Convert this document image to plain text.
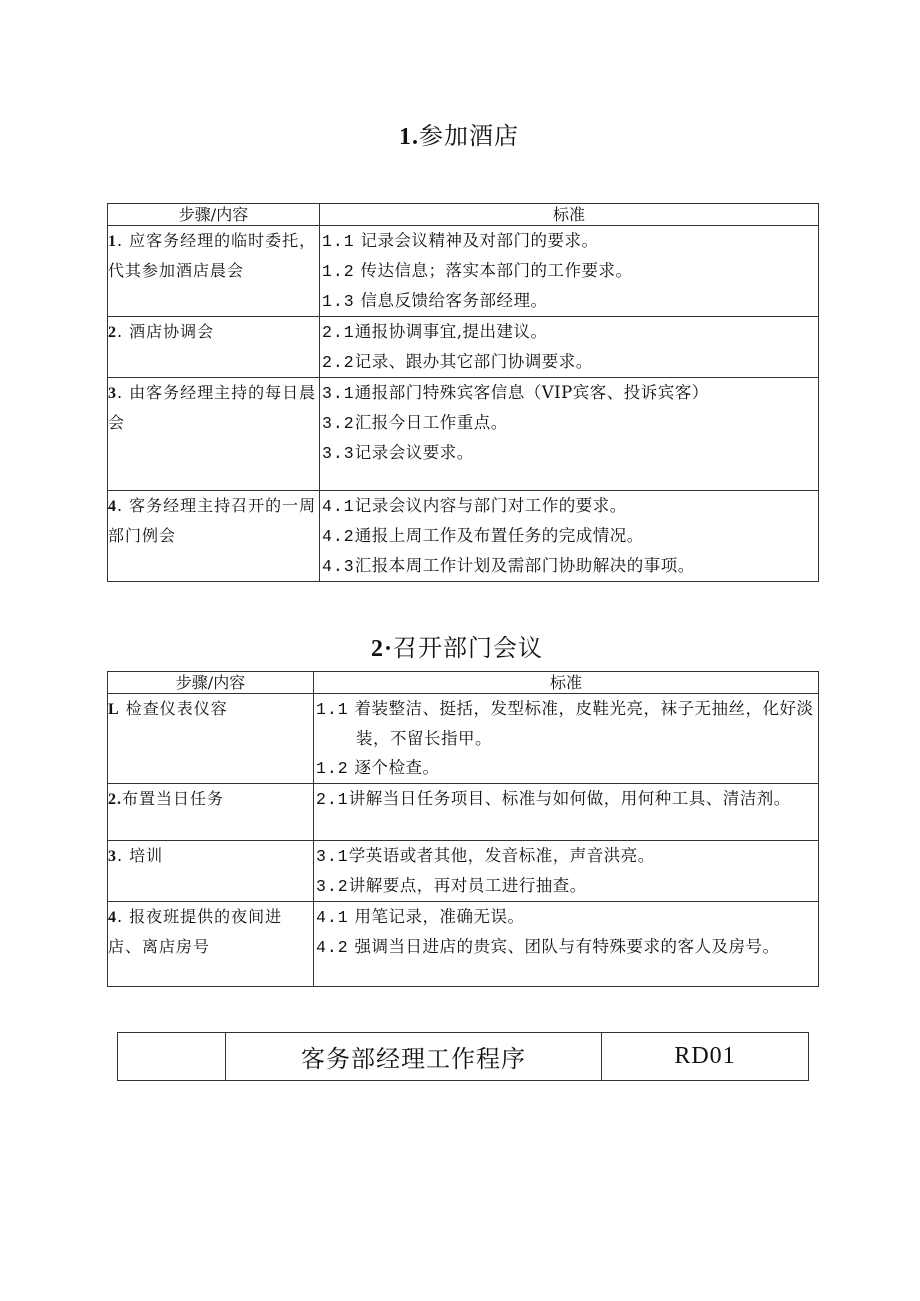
1.参加酒店
步骤/内容	标准
1. 应客务经理的临时委托，代其参加酒店晨会	1.1 记录会议精神及对部门的要求。
1.2 传达信息；落实本部门的工作要求。
1.3 信息反馈给客务部经理。

2. 酒店协调会	2.1通报协调事宜,提出建议。
2.2记录、跟办其它部门协调要求。

3. 由客务经理主持的每日晨会	3.1通报部门特殊宾客信息（VIP宾客、投诉宾客）
3.2汇报今日工作重点。
3.3记录会议要求。

4. 客务经理主持召开的一周部门例会	4.1记录会议内容与部门对工作的要求。
4.2通报上周工作及布置任务的完成情况。
4.3汇报本周工作计划及需部门协助解决的事项。
2·召开部门会议
步骤/内容	标准
L 检查仪表仪容	1.1 着装整洁、挺括，发型标准，皮鞋光亮，袜子无抽丝，化好淡装，不留长指甲。
1.2 逐个检查。

2.布置当日任务	2.1讲解当日任务项目、标准与如何做，用何种工具、清洁剂。

3. 培训	3.1学英语或者其他，发音标准，声音洪亮。
3.2讲解要点，再对员工进行抽查。

4. 报夜班提供的夜间进店、离店房号	4.1 用笔记录，准确无误。
4.2 强调当日进店的贵宾、团队与有特殊要求的客人及房号。
	客务部经理工作程序	RD01
